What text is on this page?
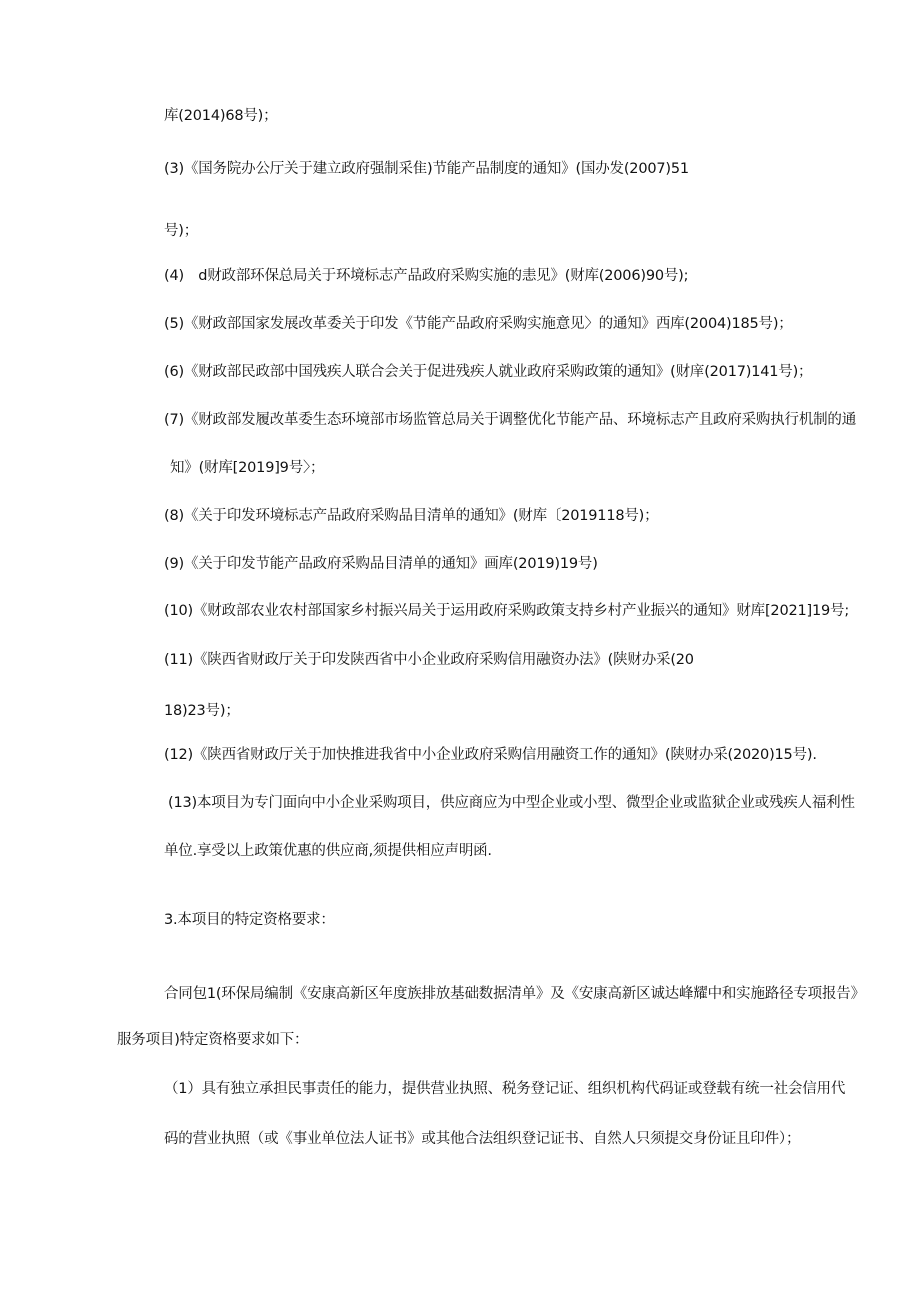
库(2014)68号)；
(3)《国务院办公厅关于建立政府强制采隹)节能产品制度的通知》(国办发(2007)51
号)；
(4)　d财政部环保总局关于环境标志产品政府采购实施的恚见》(财库(2006)90号);
(5)《财政部国家发展改革委关于印发《节能产品政府采购实施意见〉的通知》西库(2004)185号)；
(6)《财政部民政部中国残疾人联合会关于促进残疾人就业政府采购政策的通知》(财庠(2017)141号)；
(7)《财政部发履改革委生态环境部市场监管总局关于调整优化节能产品、环境标志产且政府采购执行机制的通
知》(财库[2019]9号〉；
(8)《关于印发环境标志产品政府采购品目清单的通知》(财库〔2019118号)；
(9)《关于印发节能产品政府采购品目清单的通知》画库(2019)19号)
(10)《财政部农业农村部国家乡村振兴局关于运用政府采购政策支持乡村产业振兴的通知》财库[2021]19号;
(11)《陕西省财政厅关于印发陕西省中小企业政府采购信用融资办法》(陕财办采(20
18)23号)；
(12)《陕西省财政厅关于加快推进我省中小企业政府采购信用融资工作的通知》(陕财办采(2020)15号).
(13)本项目为专门面向中小企业采购项目，供应商应为中型企业或小型、微型企业或监狱企业或残疾人福利性
单位.享受以上政策优惠的供应商,须提供相应声明函.
3.本项目的特定资格要求：
合同包1(环保局编制《安康高新区年度族排放基础数据清单》及《安康高新区诚达峰耀中和实施路径专项报告》
服务项目)特定资格要求如下：
（1）具有独立承担民事责任的能力，提供营业执照、税务登记证、组织机构代码证或登载有统一社会信用代
码的营业执照（或《事业单位法人证书》或其他合法组织登记证书、自然人只须提交身份证且印件）；
